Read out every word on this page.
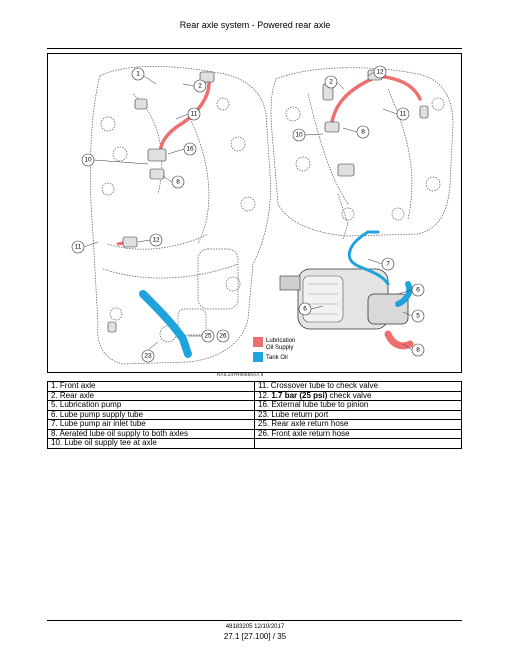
Rear axle system - Powered rear axle
1
2
11
16
10
8
12
11
25 26
23
2
12
11
10	8
7
6
6
5
8
Lubrication
Oil Supply
Tank Oil
RAIL14TR00650AA 5
1. Front axle	11. Crossover tube to check valve
2. Rear axle	12. 1.7 bar (25 psi) check valve
5. Lubrication pump	16. External lube tube to pinion
6. Lube pump supply tube	23. Lube return port
7. Lube pump air inlet tube	25. Rear axle return hose
8. Aerated lube oil supply to both axles	26. Front axle return hose
10. Lube oil supply tee at axle	
48183205 12/10/2017
27.1 [27.100] / 35
